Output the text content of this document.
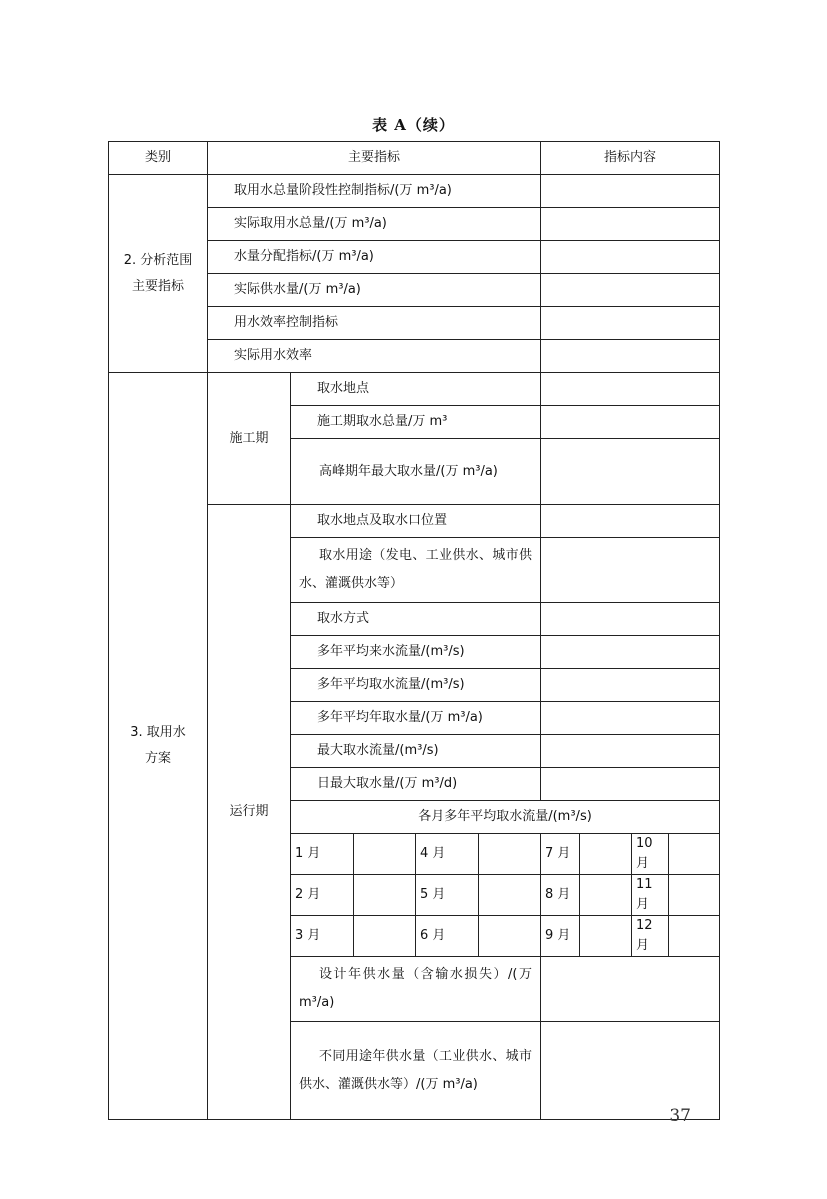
表 A（续）
类别	主要指标					指标内容			
2. 分析范围
主要指标	取用水总量阶段性控制指标/(万 m³/a)								
	实际取用水总量/(万 m³/a)								
	水量分配指标/(万 m³/a)								
	实际供水量/(万 m³/a)								
	用水效率控制指标								
	实际用水效率								
3. 取用水
方案	施工期	取水地点							
		施工期取水总量/万 m³							
		高峰期年最大取水量/(万 m³/a)							
	运行期	取水地点及取水口位置							
		取水用途（发电、工业供水、城市供水、灌溉供水等）							
		取水方式							
		多年平均来水流量/(m³/s)							
		多年平均取水流量/(m³/s)							
		多年平均年取水量/(万 m³/a)							
		最大取水流量/(m³/s)							
		日最大取水量/(万 m³/d)							
		各月多年平均取水流量/(m³/s)							
		1 月		4 月		7 月		10 月	
		2 月		5 月		8 月		11 月	
		3 月		6 月		9 月		12 月	
		设计年供水量（含输水损失）/(万 m³/a)							
		不同用途年供水量（工业供水、城市供水、灌溉供水等）/(万 m³/a)							
37
